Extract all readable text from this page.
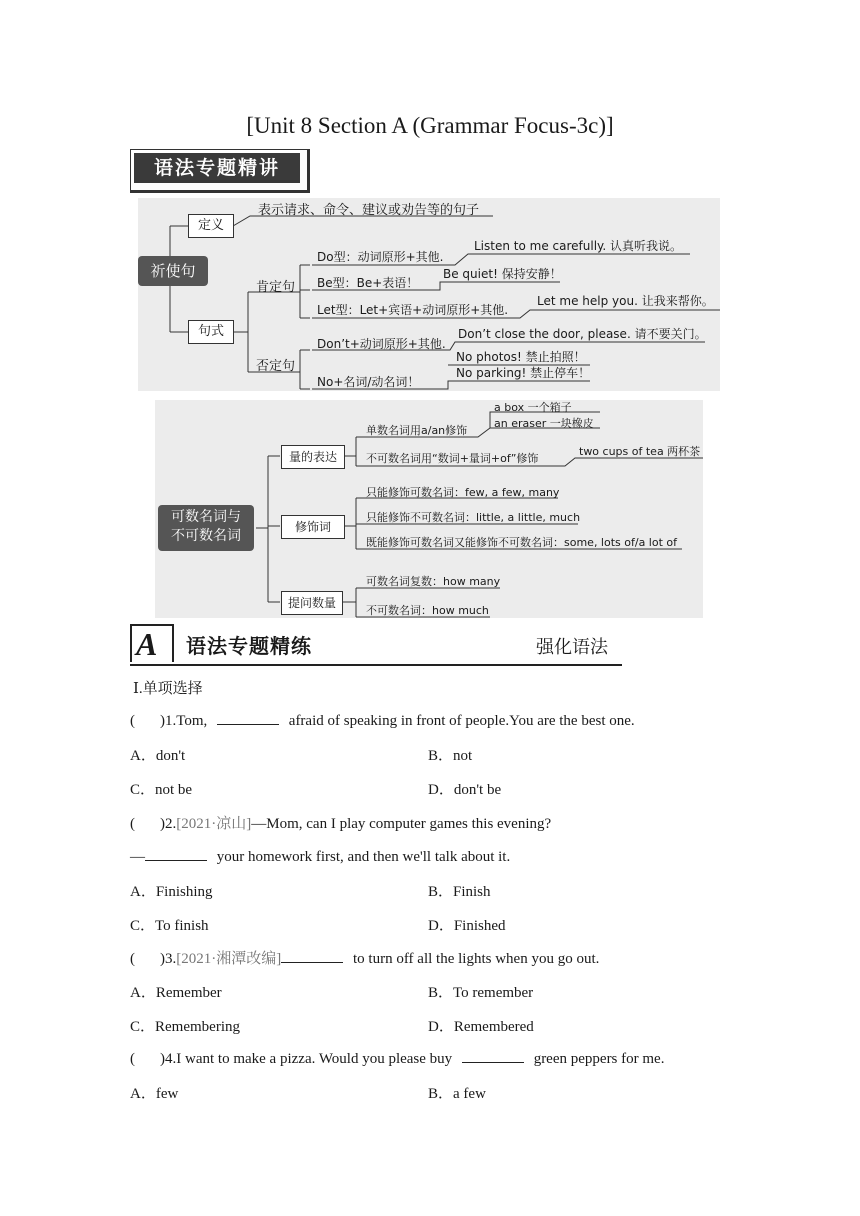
[Unit 8 Section A (Grammar Focus-3c)]
语法专题精讲
祈使句
定义
表示请求、命令、建议或劝告等的句子
句式
肯定句
否定句
Do型：动词原形+其他.
Listen to me carefully. 认真听我说。
Be型：Be+表语！
Be quiet! 保持安静！
Let型：Let+宾语+动词原形+其他.
Let me help you. 让我来帮你。
Don’t+动词原形+其他.
Don’t close the door, please. 请不要关门。
No+名词/动名词！
No photos! 禁止拍照！
No parking! 禁止停车！
可数名词与
不可数名词
量的表达
单数名词用a/an修饰
a box 一个箱子
an eraser 一块橡皮
不可数名词用“数词+量词+of”修饰
two cups of tea 两杯茶
修饰词
只能修饰可数名词：few, a few, many
只能修饰不可数名词：little, a little, much
既能修饰可数名词又能修饰不可数名词：some, lots of/a lot of
提问数量
可数名词复数：how many
不可数名词：how much
A 语法专题精练	强化语法
Ⅰ.单项选择
( )1.Tom,	afraid of speaking in front of people.You are the best one.
A．don't	B．not
C．not be	D．don't be
( )2.[2021·凉山]—Mom, can I play computer games this evening?
—	your homework first, and then we'll talk about it.
A．Finishing	B．Finish
C．To finish	D．Finished
( )3.[2021·湘潭改编]	to turn off all the lights when you go out.
A．Remember	B．To remember
C．Remembering	D．Remembered
( )4.I want to make a pizza. Would you please buy	green peppers for me.
A．few	B．a few
